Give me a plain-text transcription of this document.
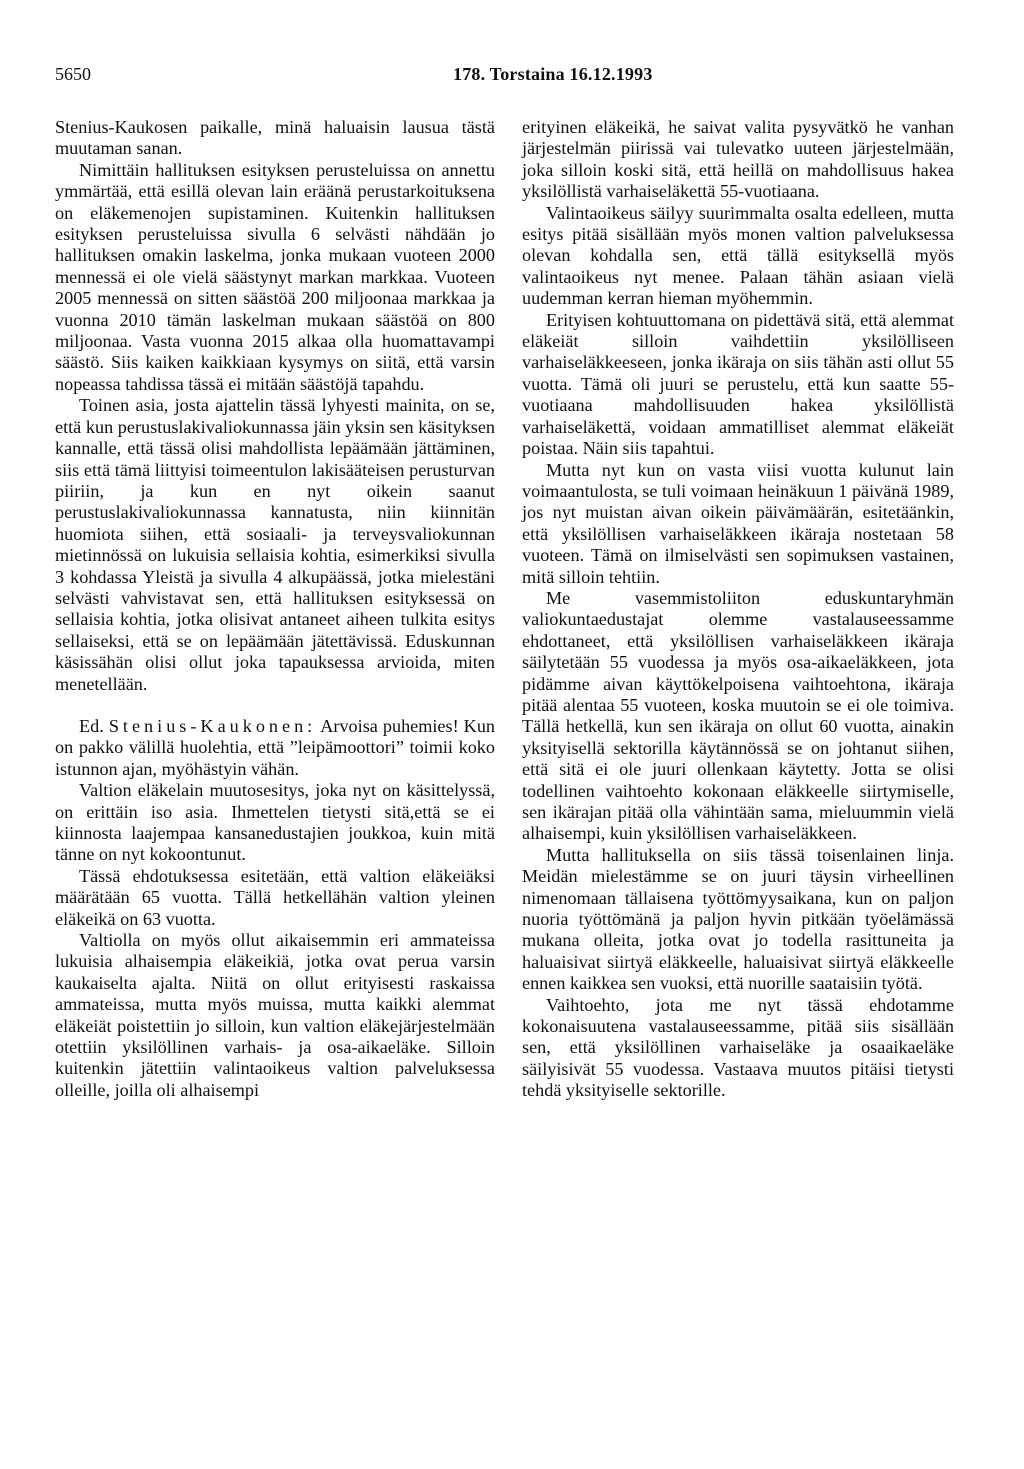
5650	178. Torstaina 16.12.1993

Stenius-Kaukosen paikalle, minä haluaisin lausua tästä muutaman sanan.

Nimittäin hallituksen esityksen perusteluissa on annettu ymmärtää, että esillä olevan lain eräänä perustarkoituksena on eläkemenojen supistaminen. Kuitenkin hallituksen esityksen perusteluissa sivulla 6 selvästi nähdään jo hallituksen omakin laskelma, jonka mukaan vuoteen 2000 mennessä ei ole vielä säästynyt markan markkaa. Vuoteen 2005 mennessä on sitten säästöä 200 miljoonaa markkaa ja vuonna 2010 tämän laskelman mukaan säästöä on 800 miljoonaa. Vasta vuonna 2015 alkaa olla huomattavampi säästö. Siis kaiken kaikkiaan kysymys on siitä, että varsin nopeassa tahdissa tässä ei mitään säästöjä tapahdu.

Toinen asia, josta ajattelin tässä lyhyesti mainita, on se, että kun perustuslakivaliokunnassa jäin yksin sen käsityksen kannalle, että tässä olisi mahdollista lepäämään jättäminen, siis että tämä liittyisi toimeentulon lakisääteisen perusturvan piiriin, ja kun en nyt oikein saanut perustuslakivaliokunnassa kannatusta, niin kiinnitän huomiota siihen, että sosiaali- ja terveysvaliokunnan mietinnössä on lukuisia sellaisia kohtia, esimerkiksi sivulla 3 kohdassa Yleistä ja sivulla 4 alkupäässä, jotka mielestäni selvästi vahvistavat sen, että hallituksen esityksessä on sellaisia kohtia, jotka olisivat antaneet aiheen tulkita esitys sellaiseksi, että se on lepäämään jätettävissä. Eduskunnan käsissähän olisi ollut joka tapauksessa arvioida, miten menetellään.

Ed. Stenius-Kaukonen: Arvoisa puhemies! Kun on pakko välillä huolehtia, että ”leipämoottori” toimii koko istunnon ajan, myöhästyin vähän.

Valtion eläkelain muutosesitys, joka nyt on käsittelyssä, on erittäin iso asia. Ihmettelen tietysti sitä,että se ei kiinnosta laajempaa kansanedustajien joukkoa, kuin mitä tänne on nyt kokoontunut.

Tässä ehdotuksessa esitetään, että valtion eläkeiäksi määrätään 65 vuotta. Tällä hetkellähän valtion yleinen eläkeikä on 63 vuotta.

Valtiolla on myös ollut aikaisemmin eri ammateissa lukuisia alhaisempia eläkeikiä, jotka ovat perua varsin kaukaiselta ajalta. Niitä on ollut erityisesti raskaissa ammateissa, mutta myös muissa, mutta kaikki alemmat eläkeiät poistettiin jo silloin, kun valtion eläkejärjestelmään otettiin yksilöllinen varhais- ja osa-aikaeläke. Silloin kuitenkin jätettiin valintaoikeus valtion palveluksessa olleille, joilla oli alhaisempi

erityinen eläkeikä, he saivat valita pysyvätkö he vanhan järjestelmän piirissä vai tulevatko uuteen järjestelmään, joka silloin koski sitä, että heillä on mahdollisuus hakea yksilöllistä varhaiseläkettä 55-vuotiaana.

Valintaoikeus säilyy suurimmalta osalta edelleen, mutta esitys pitää sisällään myös monen valtion palveluksessa olevan kohdalla sen, että tällä esityksellä myös valintaoikeus nyt menee. Palaan tähän asiaan vielä uudemman kerran hieman myöhemmin.

Erityisen kohtuuttomana on pidettävä sitä, että alemmat eläkeiät silloin vaihdettiin yksilölliseen varhaiseläkkeeseen, jonka ikäraja on siis tähän asti ollut 55 vuotta. Tämä oli juuri se perustelu, että kun saatte 55-vuotiaana mahdollisuuden hakea yksilöllistä varhaiseläkettä, voidaan ammatilliset alemmat eläkeiät poistaa. Näin siis tapahtui.

Mutta nyt kun on vasta viisi vuotta kulunut lain voimaantulosta, se tuli voimaan heinäkuun 1 päivänä 1989, jos nyt muistan aivan oikein päivämäärän, esitetäänkin, että yksilöllisen varhaiseläkkeen ikäraja nostetaan 58 vuoteen. Tämä on ilmiselvästi sen sopimuksen vastainen, mitä silloin tehtiin.

Me vasemmistoliiton eduskuntaryhmän valiokuntaedustajat olemme vastalauseessamme ehdottaneet, että yksilöllisen varhaiseläkkeen ikäraja säilytetään 55 vuodessa ja myös osa-aikaeläkkeen, jota pidämme aivan käyttökelpoisena vaihtoehtona, ikäraja pitää alentaa 55 vuoteen, koska muutoin se ei ole toimiva. Tällä hetkellä, kun sen ikäraja on ollut 60 vuotta, ainakin yksityisellä sektorilla käytännössä se on johtanut siihen, että sitä ei ole juuri ollenkaan käytetty. Jotta se olisi todellinen vaihtoehto kokonaan eläkkeelle siirtymiselle, sen ikärajan pitää olla vähintään sama, mieluummin vielä alhaisempi, kuin yksilöllisen varhaiseläkkeen.

Mutta hallituksella on siis tässä toisenlainen linja. Meidän mielestämme se on juuri täysin virheellinen nimenomaan tällaisena työttömyysaikana, kun on paljon nuoria työttömänä ja paljon hyvin pitkään työelämässä mukana olleita, jotka ovat jo todella rasittuneita ja haluaisivat siirtyä eläkkeelle, haluaisivat siirtyä eläkkeelle ennen kaikkea sen vuoksi, että nuorille saataisiin työtä.

Vaihtoehto, jota me nyt tässä ehdotamme kokonaisuutena vastalauseessamme, pitää siis sisällään sen, että yksilöllinen varhaiseläke ja osaaikaeläke säilyisivät 55 vuodessa. Vastaava muutos pitäisi tietysti tehdä yksityiselle sektorille.
